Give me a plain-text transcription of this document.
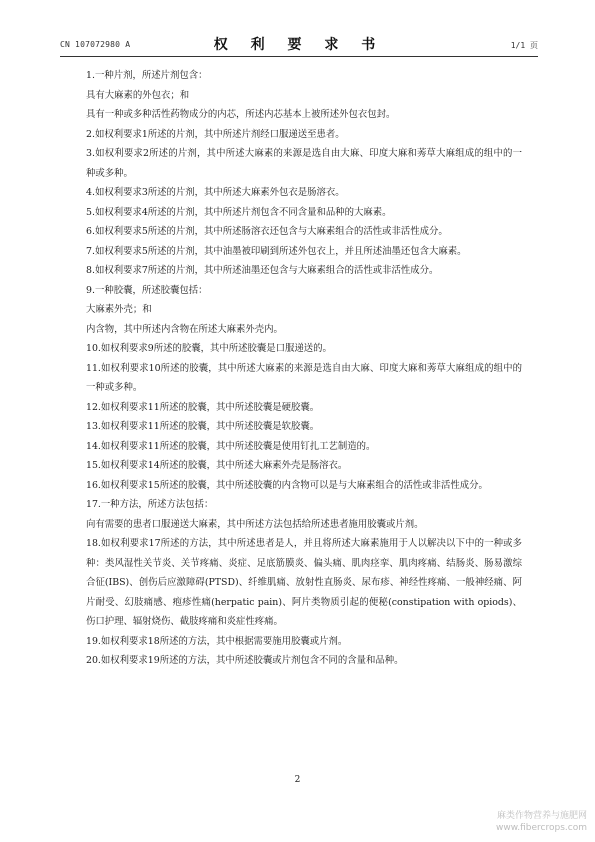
CN 107072980 A	权 利 要 求 书	1/1 页

1.一种片剂，所述片剂包含：

具有大麻素的外包衣；和

具有一种或多种活性药物成分的内芯，所述内芯基本上被所述外包衣包封。

2.如权利要求1所述的片剂，其中所述片剂经口服递送至患者。

3.如权利要求2所述的片剂，其中所述大麻素的来源是选自由大麻、印度大麻和莠草大麻组成的组中的一种或多种。

4.如权利要求3所述的片剂，其中所述大麻素外包衣是肠溶衣。

5.如权利要求4所述的片剂，其中所述片剂包含不同含量和品种的大麻素。

6.如权利要求5所述的片剂，其中所述肠溶衣还包含与大麻素组合的活性或非活性成分。

7.如权利要求5所述的片剂，其中油墨被印刷到所述外包衣上，并且所述油墨还包含大麻素。

8.如权利要求7所述的片剂，其中所述油墨还包含与大麻素组合的活性或非活性成分。

9.一种胶囊，所述胶囊包括：

大麻素外壳；和

内含物，其中所述内含物在所述大麻素外壳内。

10.如权利要求9所述的胶囊，其中所述胶囊是口服递送的。

11.如权利要求10所述的胶囊，其中所述大麻素的来源是选自由大麻、印度大麻和莠草大麻组成的组中的一种或多种。

12.如权利要求11所述的胶囊，其中所述胶囊是硬胶囊。

13.如权利要求11所述的胶囊，其中所述胶囊是软胶囊。

14.如权利要求11所述的胶囊，其中所述胶囊是使用钉扎工艺制造的。

15.如权利要求14所述的胶囊，其中所述大麻素外壳是肠溶衣。

16.如权利要求15所述的胶囊，其中所述胶囊的内含物可以是与大麻素组合的活性或非活性成分。

17.一种方法，所述方法包括：

向有需要的患者口服递送大麻素，其中所述方法包括给所述患者施用胶囊或片剂。

18.如权利要求17所述的方法，其中所述患者是人，并且将所述大麻素施用于人以解决以下中的一种或多种：类风湿性关节炎、关节疼痛、炎症、足底筋膜炎、偏头痛、肌肉痉挛、肌肉疼痛、结肠炎、肠易激综合征(IBS)、创伤后应激障碍(PTSD)、纤维肌痛、放射性直肠炎、尿布疹、神经性疼痛、一般神经痛、阿片耐受、幻肢痛感、疱疹性痛(herpatic pain)、阿片类物质引起的便秘(constipation with opiods)、伤口护理、辐射烧伤、截肢疼痛和炎症性疼痛。

19.如权利要求18所述的方法，其中根据需要施用胶囊或片剂。

20.如权利要求19所述的方法，其中所述胶囊或片剂包含不同的含量和品种。

2
麻类作物营养与施肥网
www.fibercrops.com
